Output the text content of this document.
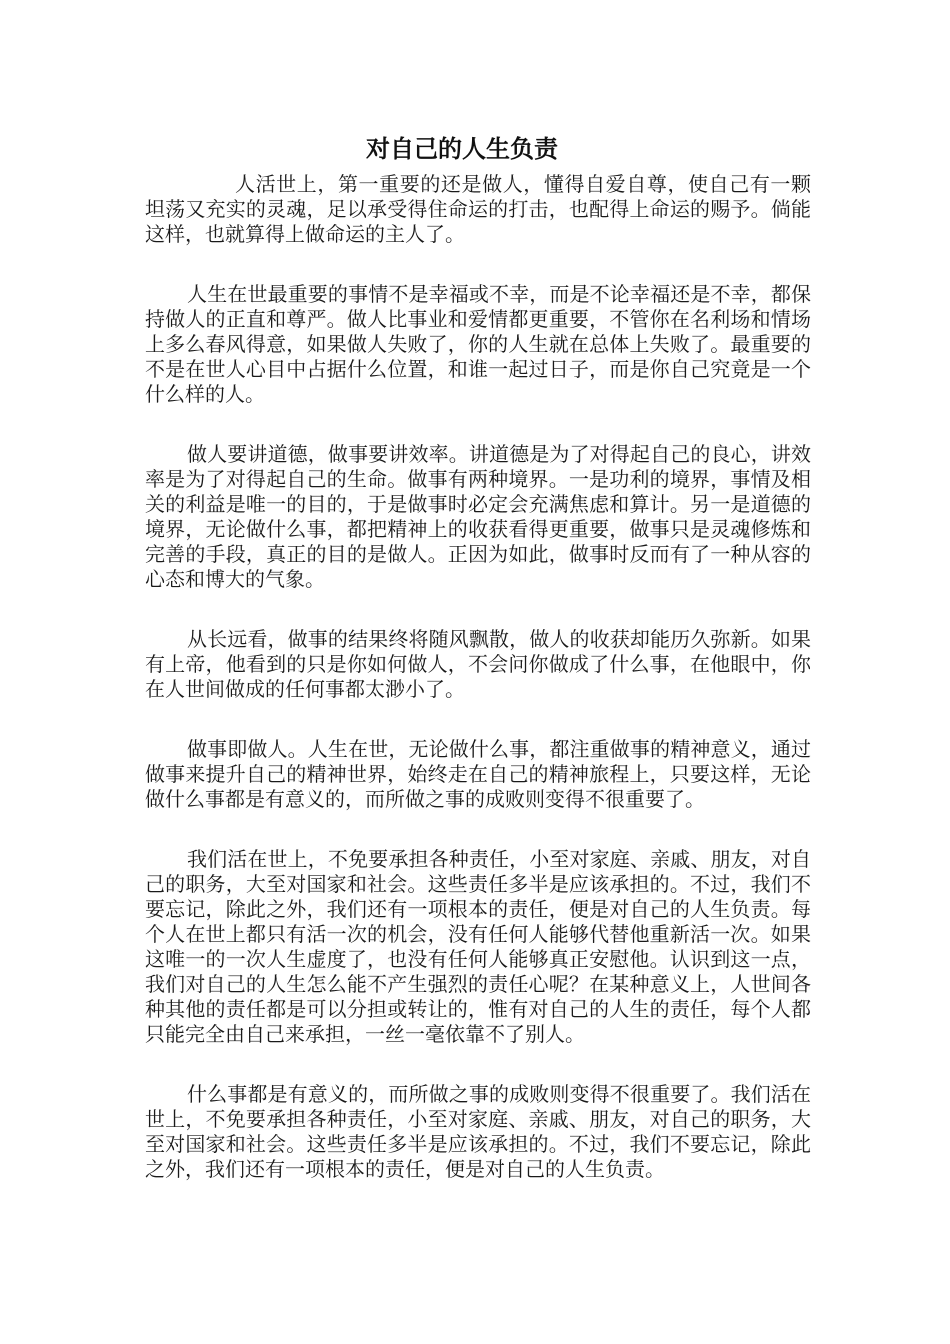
对自己的人生负责

人活世上，第一重要的还是做人，懂得自爱自尊，使自己有一颗坦荡又充实的灵魂，足以承受得住命运的打击，也配得上命运的赐予。倘能这样，也就算得上做命运的主人了。

人生在世最重要的事情不是幸福或不幸，而是不论幸福还是不幸，都保持做人的正直和尊严。做人比事业和爱情都更重要，不管你在名利场和情场上多么春风得意，如果做人失败了，你的人生就在总体上失败了。最重要的不是在世人心目中占据什么位置，和谁一起过日子，而是你自己究竟是一个什么样的人。

做人要讲道德，做事要讲效率。讲道德是为了对得起自己的良心，讲效率是为了对得起自己的生命。做事有两种境界。一是功利的境界，事情及相关的利益是唯一的目的，于是做事时必定会充满焦虑和算计。另一是道德的境界，无论做什么事，都把精神上的收获看得更重要，做事只是灵魂修炼和完善的手段，真正的目的是做人。正因为如此，做事时反而有了一种从容的心态和博大的气象。

从长远看，做事的结果终将随风飘散，做人的收获却能历久弥新。如果有上帝，他看到的只是你如何做人，不会问你做成了什么事，在他眼中，你在人世间做成的任何事都太渺小了。

做事即做人。人生在世，无论做什么事，都注重做事的精神意义，通过做事来提升自己的精神世界，始终走在自己的精神旅程上，只要这样，无论做什么事都是有意义的，而所做之事的成败则变得不很重要了。

我们活在世上，不免要承担各种责任，小至对家庭、亲戚、朋友，对自己的职务，大至对国家和社会。这些责任多半是应该承担的。不过，我们不要忘记，除此之外，我们还有一项根本的责任，便是对自己的人生负责。每个人在世上都只有活一次的机会，没有任何人能够代替他重新活一次。如果这唯一的一次人生虚度了，也没有任何人能够真正安慰他。认识到这一点，我们对自己的人生怎么能不产生强烈的责任心呢？在某种意义上，人世间各种其他的责任都是可以分担或转让的，惟有对自己的人生的责任，每个人都只能完全由自己来承担，一丝一毫依靠不了别人。

什么事都是有意义的，而所做之事的成败则变得不很重要了。我们活在世上，不免要承担各种责任，小至对家庭、亲戚、朋友，对自己的职务，大至对国家和社会。这些责任多半是应该承担的。不过，我们不要忘记，除此之外，我们还有一项根本的责任，便是对自己的人生负责。
